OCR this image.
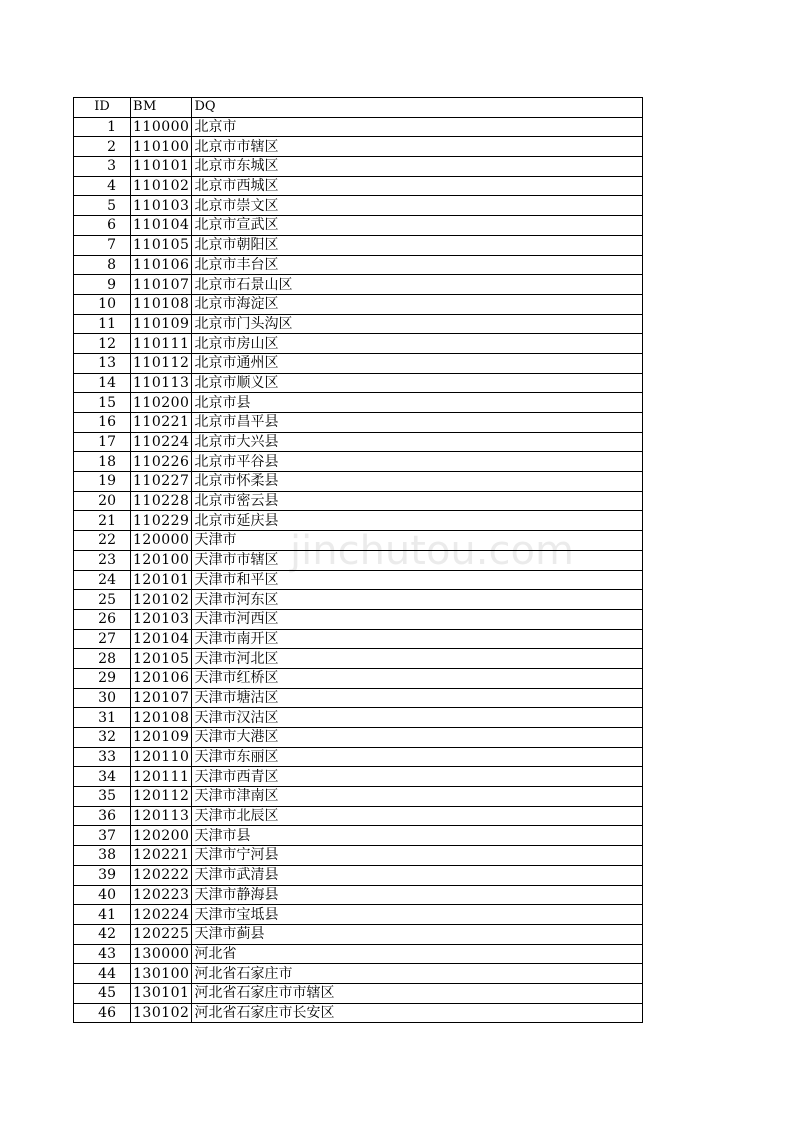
ID	BM	DQ
1	110000	北京市
2	110100	北京市市辖区
3	110101	北京市东城区
4	110102	北京市西城区
5	110103	北京市崇文区
6	110104	北京市宣武区
7	110105	北京市朝阳区
8	110106	北京市丰台区
9	110107	北京市石景山区
10	110108	北京市海淀区
11	110109	北京市门头沟区
12	110111	北京市房山区
13	110112	北京市通州区
14	110113	北京市顺义区
15	110200	北京市县
16	110221	北京市昌平县
17	110224	北京市大兴县
18	110226	北京市平谷县
19	110227	北京市怀柔县
20	110228	北京市密云县
21	110229	北京市延庆县
22	120000	天津市
23	120100	天津市市辖区
24	120101	天津市和平区
25	120102	天津市河东区
26	120103	天津市河西区
27	120104	天津市南开区
28	120105	天津市河北区
29	120106	天津市红桥区
30	120107	天津市塘沽区
31	120108	天津市汉沽区
32	120109	天津市大港区
33	120110	天津市东丽区
34	120111	天津市西青区
35	120112	天津市津南区
36	120113	天津市北辰区
37	120200	天津市县
38	120221	天津市宁河县
39	120222	天津市武清县
40	120223	天津市静海县
41	120224	天津市宝坻县
42	120225	天津市蓟县
43	130000	河北省
44	130100	河北省石家庄市
45	130101	河北省石家庄市市辖区
46	130102	河北省石家庄市长安区
jinchutou.com
